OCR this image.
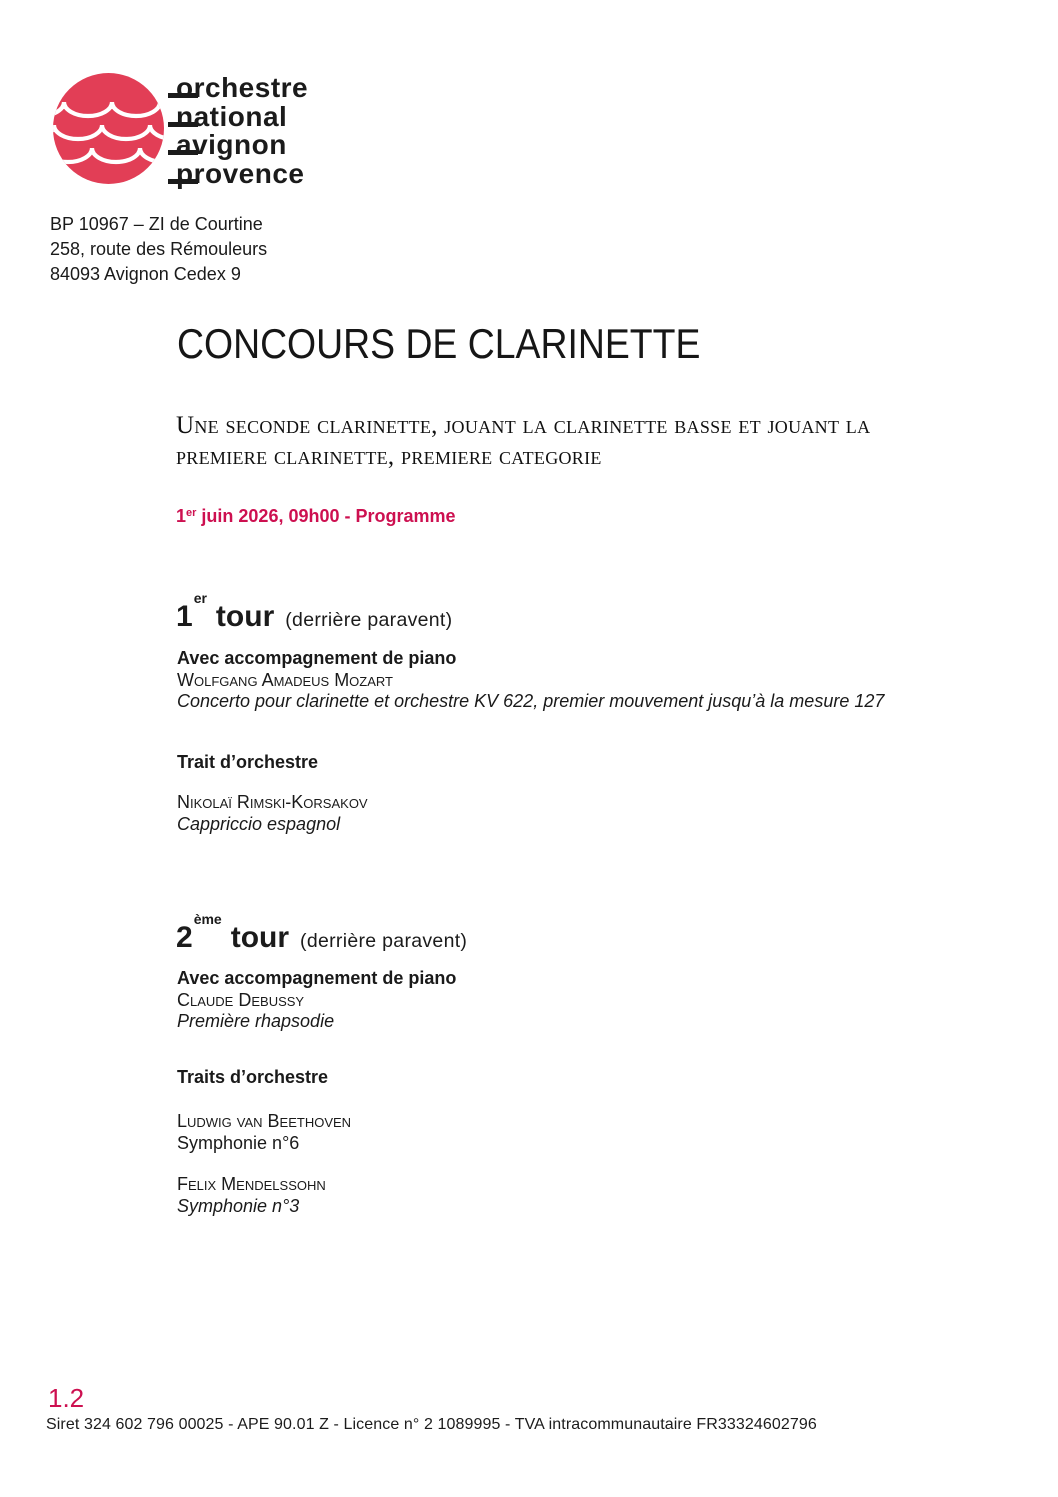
orchestre
national
avignon
provence
BP 10967 – ZI de Courtine
258, route des Rémouleurs
84093 Avignon Cedex 9
CONCOURS DE CLARINETTE
Une seconde clarinette, jouant la clarinette basse et jouant la
premiere clarinette, premiere categorie
1er juin 2026, 09h00 - Programme
1ertour (derrière paravent)
Avec accompagnement de piano
Wolfgang Amadeus Mozart
Concerto pour clarinette et orchestre KV 622, premier mouvement jusqu’à la mesure 127
Trait d’orchestre
Nikolaï Rimski-Korsakov
Cappriccio espagnol
2èmetour (derrière paravent)
Avec accompagnement de piano
Claude Debussy
Première rhapsodie
Traits d’orchestre
Ludwig van Beethoven
Symphonie n°6
Felix Mendelssohn
Symphonie n°3
1.2
Siret 324 602 796 00025 - APE 90.01 Z - Licence n° 2 1089995 - TVA intracommunautaire FR33324602796
